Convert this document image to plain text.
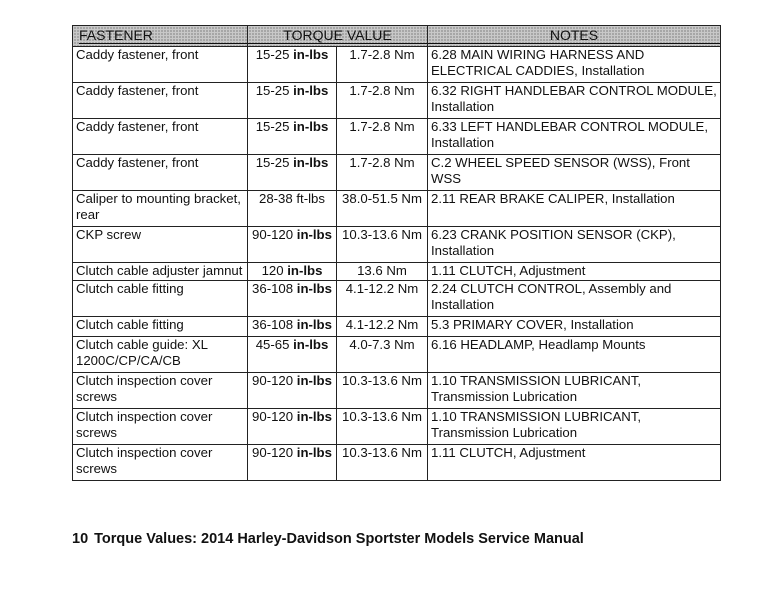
FASTENER	TORQUE VALUE		NOTES

Caddy fastener, front	15-25 in-lbs	1.7-2.8 Nm	6.28 MAIN WIRING HARNESS AND ELECTRICAL CADDIES, Installation
Caddy fastener, front	15-25 in-lbs	1.7-2.8 Nm	6.32 RIGHT HANDLEBAR CONTROL MODULE, Installation
Caddy fastener, front	15-25 in-lbs	1.7-2.8 Nm	6.33 LEFT HANDLEBAR CONTROL MODULE, Installation
Caddy fastener, front	15-25 in-lbs	1.7-2.8 Nm	C.2 WHEEL SPEED SENSOR (WSS), Front WSS
Caliper to mounting bracket, rear	28-38 ft-lbs	38.0-51.5 Nm	2.11 REAR BRAKE CALIPER, Installation
CKP screw	90-120 in-lbs	10.3-13.6 Nm	6.23 CRANK POSITION SENSOR (CKP), Installation
Clutch cable adjuster jamnut	120 in-lbs	13.6 Nm	1.11 CLUTCH, Adjustment
Clutch cable fitting	36-108 in-lbs	4.1-12.2 Nm	2.24 CLUTCH CONTROL, Assembly and Installation
Clutch cable fitting	36-108 in-lbs	4.1-12.2 Nm	5.3 PRIMARY COVER, Installation
Clutch cable guide: XL 1200C/CP/CA/CB	45-65 in-lbs	4.0-7.3 Nm	6.16 HEADLAMP, Headlamp Mounts
Clutch inspection cover screws	90-120 in-lbs	10.3-13.6 Nm	1.10 TRANSMISSION LUBRICANT, Transmission Lubrication
Clutch inspection cover screws	90-120 in-lbs	10.3-13.6 Nm	1.10 TRANSMISSION LUBRICANT, Transmission Lubrication
Clutch inspection cover screws	90-120 in-lbs	10.3-13.6 Nm	1.11 CLUTCH, Adjustment
10 Torque Values: 2014 Harley-Davidson Sportster Models Service Manual
